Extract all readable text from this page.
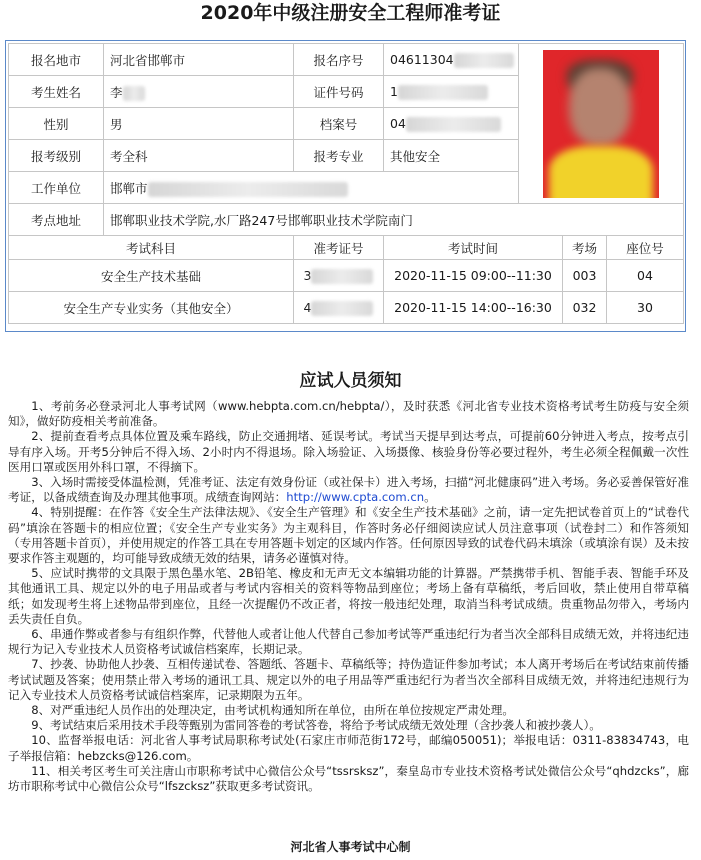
2020年中级注册安全工程师准考证
报名地市	河北省邯郸市	报名序号	04611304			

考生姓名	李	证件号码	1			
性别	男	档案号	04			
报考级别	考全科	报考专业	其他安全			
工作单位	邯郸市					
考点地址	邯郸职业技术学院,水厂路247号邯郸职业技术学院南门					
考试科目		准考证号	考试时间		考场	座位号
安全生产技术基础		3	2020-11-15 09:00--11:30		003	04
安全生产专业实务（其他安全）		4	2020-11-15 14:00--16:30		032	30
应试人员须知

1、考前务必登录河北人事考试网（www.hebpta.com.cn/hebpta/），及时获悉《河北省专业技术资格考试考生防疫与安全须知》，做好防疫相关考前准备。

2、提前查看考点具体位置及乘车路线，防止交通拥堵、延误考试。考试当天提早到达考点，可提前60分钟进入考点，按考点引导有序入场。开考5分钟后不得入场、2小时内不得退场。除入场验证、入场摄像、核验身份等必要过程外，考生必须全程佩戴一次性医用口罩或医用外科口罩，不得摘下。

3、入场时需接受体温检测，凭准考证、法定有效身份证（或社保卡）进入考场，扫描“河北健康码”进入考场。务必妥善保管好准考证，以备成绩查询及办理其他事项。成绩查询网站：http://www.cpta.com.cn。

4、特别提醒：在作答《安全生产法律法规》、《安全生产管理》和《安全生产技术基础》之前，请一定先把试卷首页上的“试卷代码”填涂在答题卡的相应位置；《安全生产专业实务》为主观科目，作答时务必仔细阅读应试人员注意事项（试卷封二）和作答须知（专用答题卡首页），并使用规定的作答工具在专用答题卡划定的区域内作答。任何原因导致的试卷代码未填涂（或填涂有误）及未按要求作答主观题的，均可能导致成绩无效的结果，请务必谨慎对待。

5、应试时携带的文具限于黑色墨水笔、2B铅笔、橡皮和无声无文本编辑功能的计算器。严禁携带手机、智能手表、智能手环及其他通讯工具、规定以外的电子用品或者与考试内容相关的资料等物品到座位；考场上备有草稿纸，考后回收，禁止使用自带草稿纸；如发现考生将上述物品带到座位，且经一次提醒仍不改正者，将按一般违纪处理，取消当科考试成绩。贵重物品勿带入，考场内丢失责任自负。

6、串通作弊或者参与有组织作弊，代替他人或者让他人代替自己参加考试等严重违纪行为者当次全部科目成绩无效，并将违纪违规行为记入专业技术人员资格考试诚信档案库，长期记录。

7、抄袭、协助他人抄袭、互相传递试卷、答题纸、答题卡、草稿纸等；持伪造证件参加考试；本人离开考场后在考试结束前传播考试试题及答案；使用禁止带入考场的通讯工具、规定以外的电子用品等严重违纪行为者当次全部科目成绩无效，并将违纪违规行为记入专业技术人员资格考试诚信档案库，记录期限为五年。

8、对严重违纪人员作出的处理决定，由考试机构通知所在单位，由所在单位按规定严肃处理。

9、考试结束后采用技术手段等甄别为雷同答卷的考试答卷，将给予考试成绩无效处理（含抄袭人和被抄袭人）。

10、监督举报电话：河北省人事考试局职称考试处(石家庄市师范街172号，邮编050051)；举报电话：0311-83834743，电子举报信箱：hebzcks@126.com。

11、相关考区考生可关注唐山市职称考试中心微信公众号“tssrsksz”，秦皇岛市专业技术资格考试处微信公众号“qhdzcks”，廊坊市职称考试中心微信公众号“lfszcksz”获取更多考试资讯。

河北省人事考试中心制
